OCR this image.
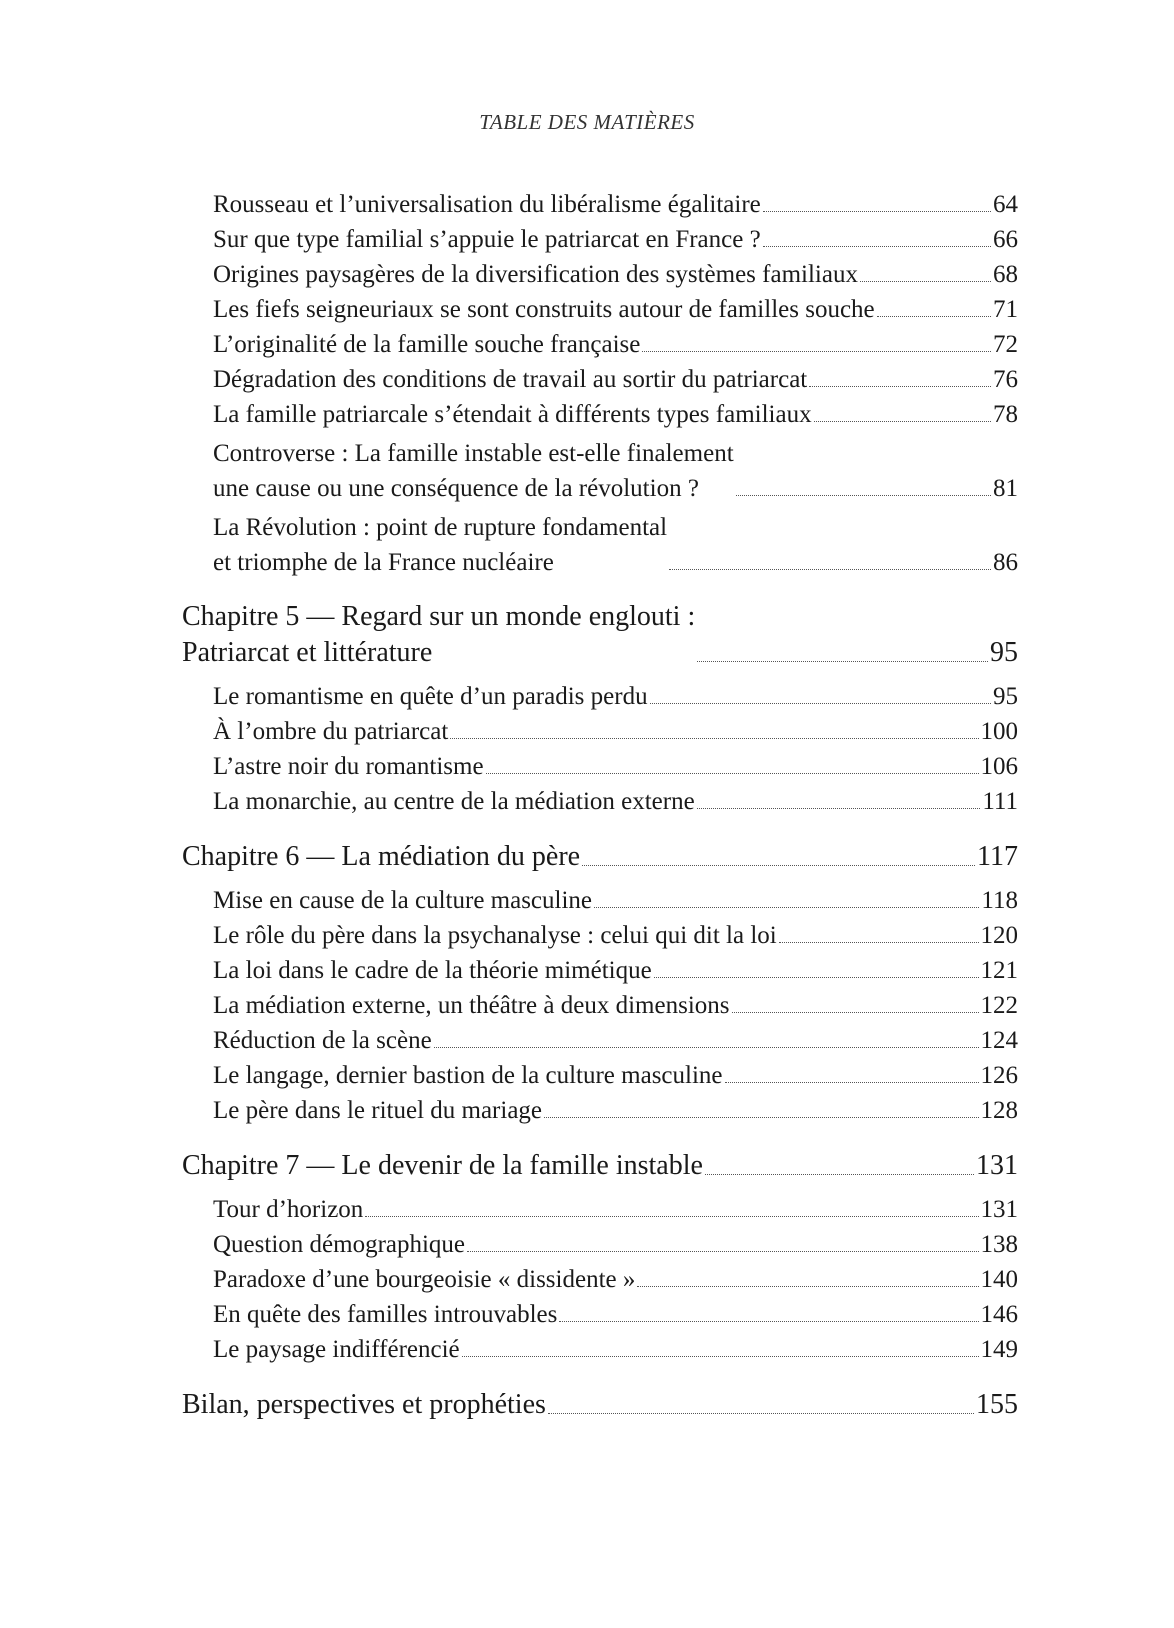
TABLE DES MATIÈRES
Rousseau et l’universalisation du libéralisme égalitaire	64
Sur que type familial s’appuie le patriarcat en France ?	66
Origines paysagères de la diversification des systèmes familiaux	68
Les fiefs seigneuriaux se sont construits autour de familles souche	71
L’originalité de la famille souche française	72
Dégradation des conditions de travail au sortir du patriarcat	76
La famille patriarcale s’étendait à différents types familiaux	78
Controverse : La famille instable est-elle finalement
une cause ou une conséquence de la révolution ?	81
La Révolution : point de rupture fondamental
et triomphe de la France nucléaire	86
Chapitre 5 — Regard sur un monde englouti :
Patriarcat et littérature	95
Le romantisme en quête d’un paradis perdu	95
À l’ombre du patriarcat	100
L’astre noir du romantisme	106
La monarchie, au centre de la médiation externe	111
Chapitre 6 — La médiation du père	117
Mise en cause de la culture masculine	118
Le rôle du père dans la psychanalyse : celui qui dit la loi	120
La loi dans le cadre de la théorie mimétique	121
La médiation externe, un théâtre à deux dimensions	122
Réduction de la scène	124
Le langage, dernier bastion de la culture masculine	126
Le père dans le rituel du mariage	128
Chapitre 7 — Le devenir de la famille instable	131
Tour d’horizon	131
Question démographique	138
Paradoxe d’une bourgeoisie « dissidente »	140
En quête des familles introuvables	146
Le paysage indifférencié	149
Bilan, perspectives et prophéties	155
